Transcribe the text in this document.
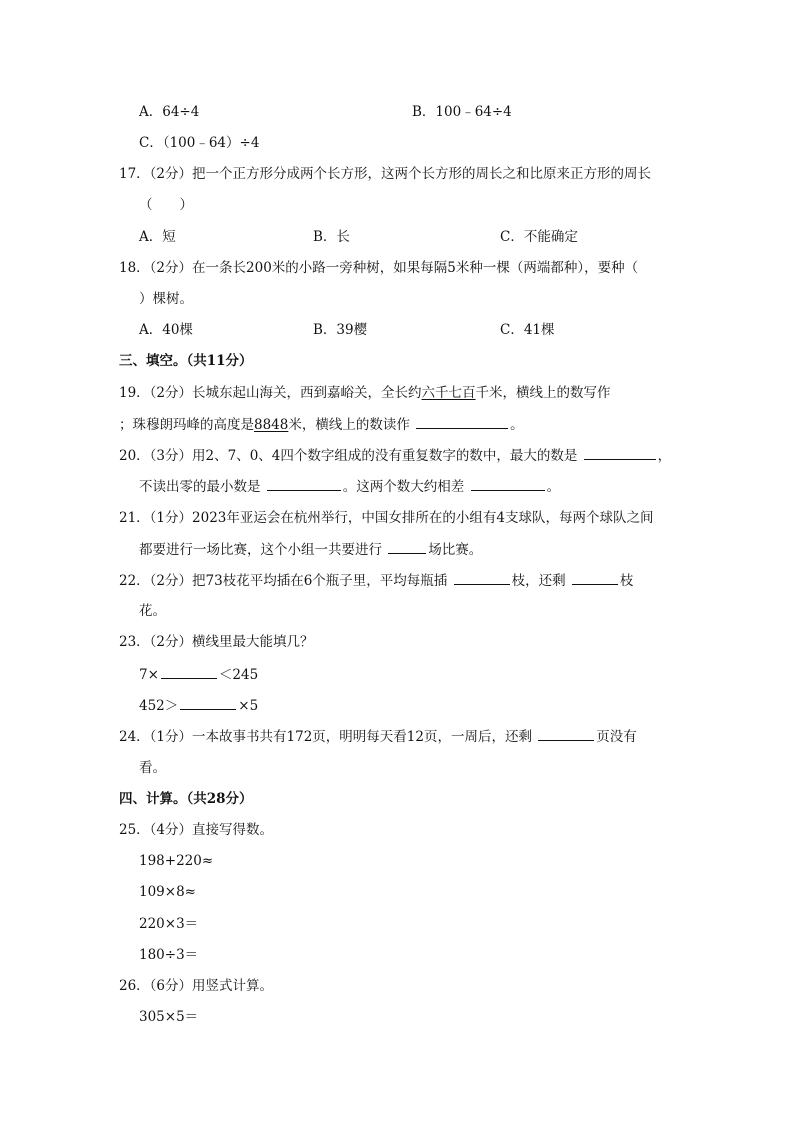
A．64÷4	B．100﹣64÷4
C．（100﹣64）÷4
17．（2分）把一个正方形分成两个长方形，这两个长方形的周长之和比原来正方形的周长
（　　）
A．短	B．长	C．不能确定
18．（2分）在一条长200米的小路一旁种树，如果每隔5米种一棵（两端都种），要种（
）棵树。
A．40棵	B．39樱	C．41棵
三、填空。（共11分）
19．（2分）长城东起山海关，西到嘉峪关，全长约六千七百千米，横线上的数写作
；珠穆朗玛峰的高度是8848米，横线上的数读作	。
20．（3分）用2、7、0、4四个数字组成的没有重复数字的数中，最大的数是	，
不读出零的最小数是	。这两个数大约相差	。
21．（1分）2023年亚运会在杭州举行，中国女排所在的小组有4支球队，每两个球队之间
都要进行一场比赛，这个小组一共要进行	场比赛。
22．（2分）把73枝花平均插在6个瓶子里，平均每瓶插	枝，还剩	枝
花。
23．（2分）横线里最大能填几？
7×	＜245
452＞	×5
24．（1分）一本故事书共有172页，明明每天看12页，一周后，还剩	页没有
看。
四、计算。（共28分）
25．（4分）直接写得数。
198+220≈
109×8≈
220×3＝
180÷3＝
26．（6分）用竖式计算。
305×5＝
